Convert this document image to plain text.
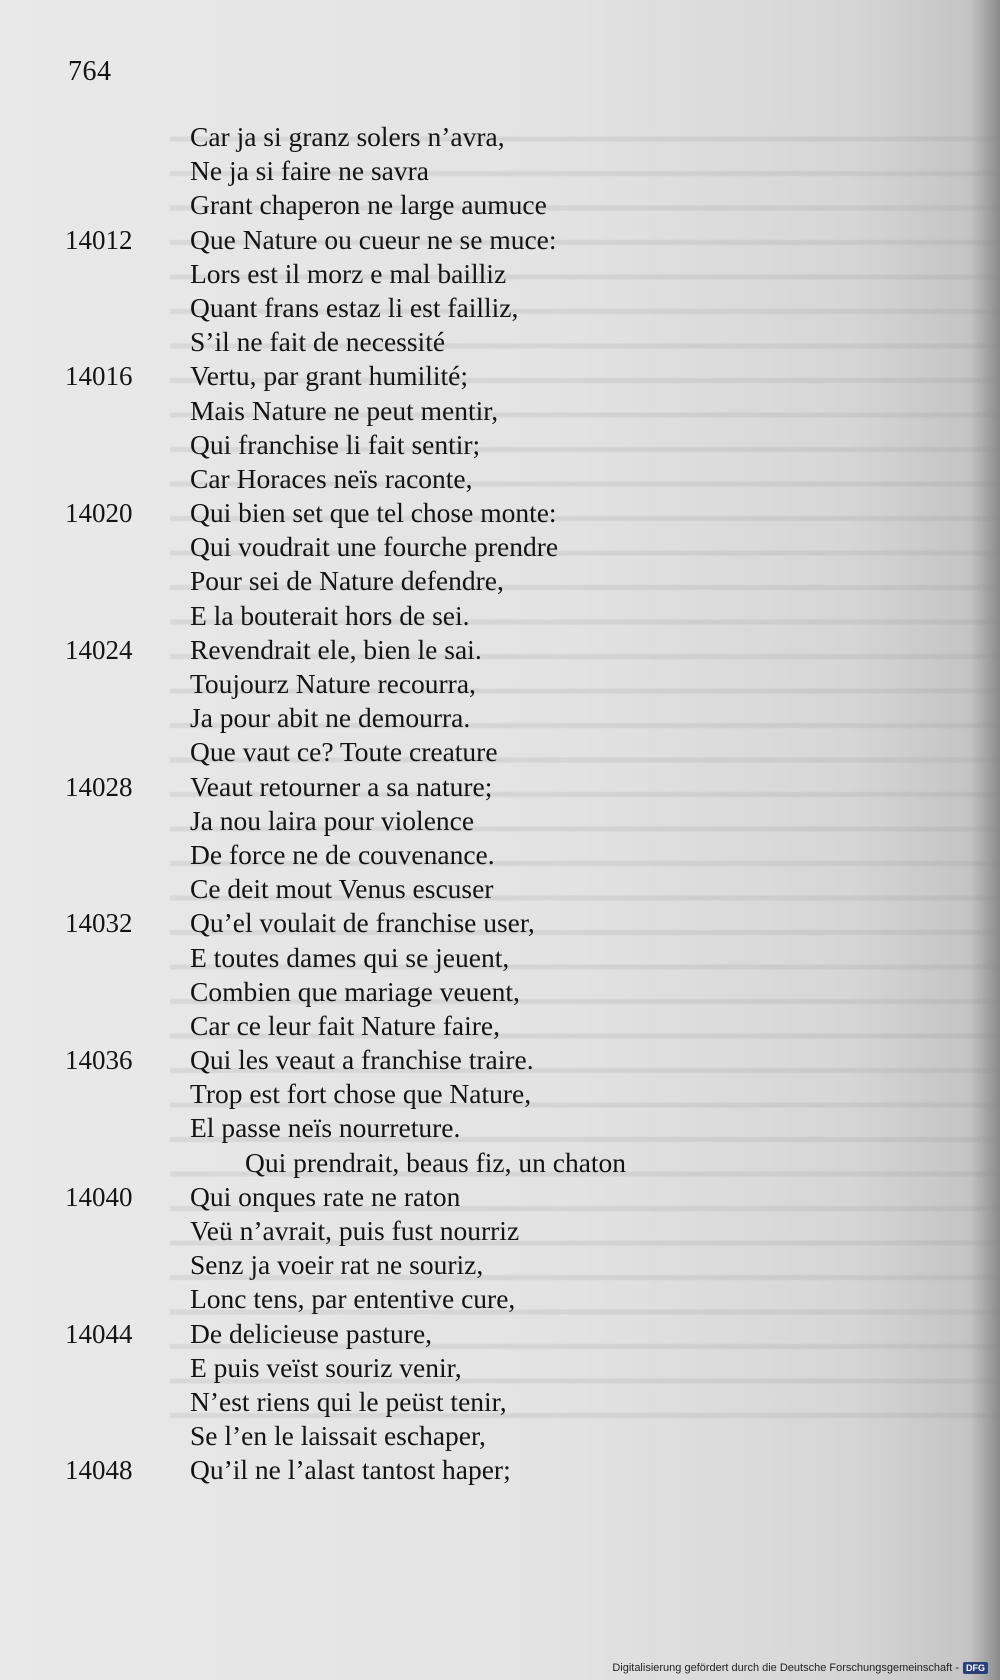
764
Car ja si granz solers n’avra,
Ne ja si faire ne savra
Grant chaperon ne large aumuce
14012 Que Nature ou cueur ne se muce:
Lors est il morz e mal bailliz
Quant frans estaz li est failliz,
S’il ne fait de necessité
14016 Vertu, par grant humilité;
Mais Nature ne peut mentir,
Qui franchise li fait sentir;
Car Horaces neïs raconte,
14020 Qui bien set que tel chose monte:
Qui voudrait une fourche prendre
Pour sei de Nature defendre,
E la bouterait hors de sei.
14024 Revendrait ele, bien le sai.
Toujourz Nature recourra,
Ja pour abit ne demourra.
Que vaut ce? Toute creature
14028 Veaut retourner a sa nature;
Ja nou laira pour violence
De force ne de couvenance.
Ce deit mout Venus escuser
14032 Qu’el voulait de franchise user,
E toutes dames qui se jeuent,
Combien que mariage veuent,
Car ce leur fait Nature faire,
14036 Qui les veaut a franchise traire.
Trop est fort chose que Nature,
El passe neïs nourreture.
Qui prendrait, beaus fiz, un chaton
14040 Qui onques rate ne raton
Veü n’avrait, puis fust nourriz
Senz ja voeir rat ne souriz,
Lonc tens, par ententive cure,
14044 De delicieuse pasture,
E puis veïst souriz venir,
N’est riens qui le peüst tenir,
Se l’en le laissait eschaper,
14048 Qu’il ne l’alast tantost haper;
Digitalisierung gefördert durch die Deutsche Forschungsgemeinschaft - DFG
